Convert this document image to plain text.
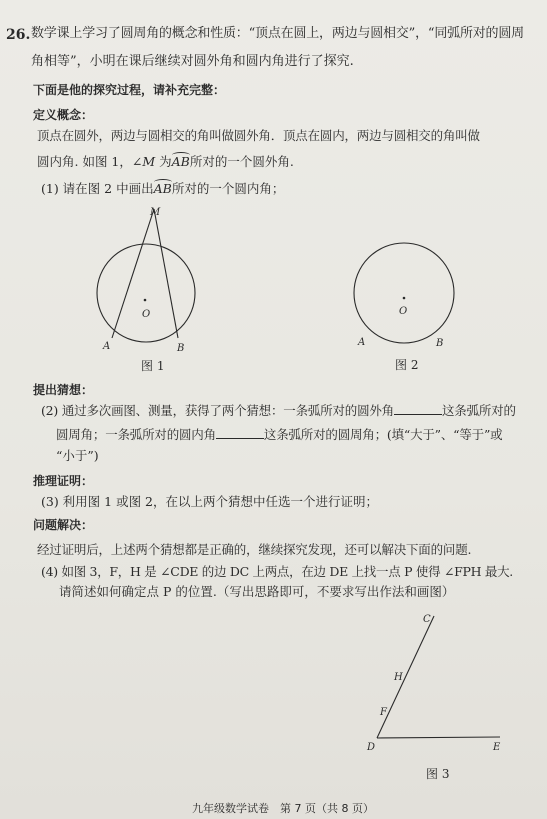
26. 数学课上学习了圆周角的概念和性质：“顶点在圆上，两边与圆相交”，“同弧所对的圆周
角相等”，小明在课后继续对圆外角和圆内角进行了探究.
下面是他的探究过程，请补充完整：
定义概念：
顶点在圆外，两边与圆相交的角叫做圆外角．顶点在圆内，两边与圆相交的角叫做
圆内角. 如图 1，∠M 为AB所对的一个圆外角.
(1) 请在图 2 中画出AB所对的一个圆内角；
M
O
A	B
图 1
O
A	B
图 2
提出猜想：
(2) 通过多次画图、测量，获得了两个猜想：一条弧所对的圆外角	这条弧所对的
圆周角；一条弧所对的圆内角	这条弧所对的圆周角；(填“大于”、“等于”或
“小于”)
推理证明：
(3) 利用图 1 或图 2，在以上两个猜想中任选一个进行证明；
问题解决：
经过证明后，上述两个猜想都是正确的，继续探究发现，还可以解决下面的问题.
(4) 如图 3，F，H 是 ∠CDE 的边 DC 上两点，在边 DE 上找一点 P 使得 ∠FPH 最大.
请简述如何确定点 P 的位置.（写出思路即可，不要求写出作法和画图）
C
H
F
D	E
图 3
九年级数学试卷　第 7 页（共 8 页）
